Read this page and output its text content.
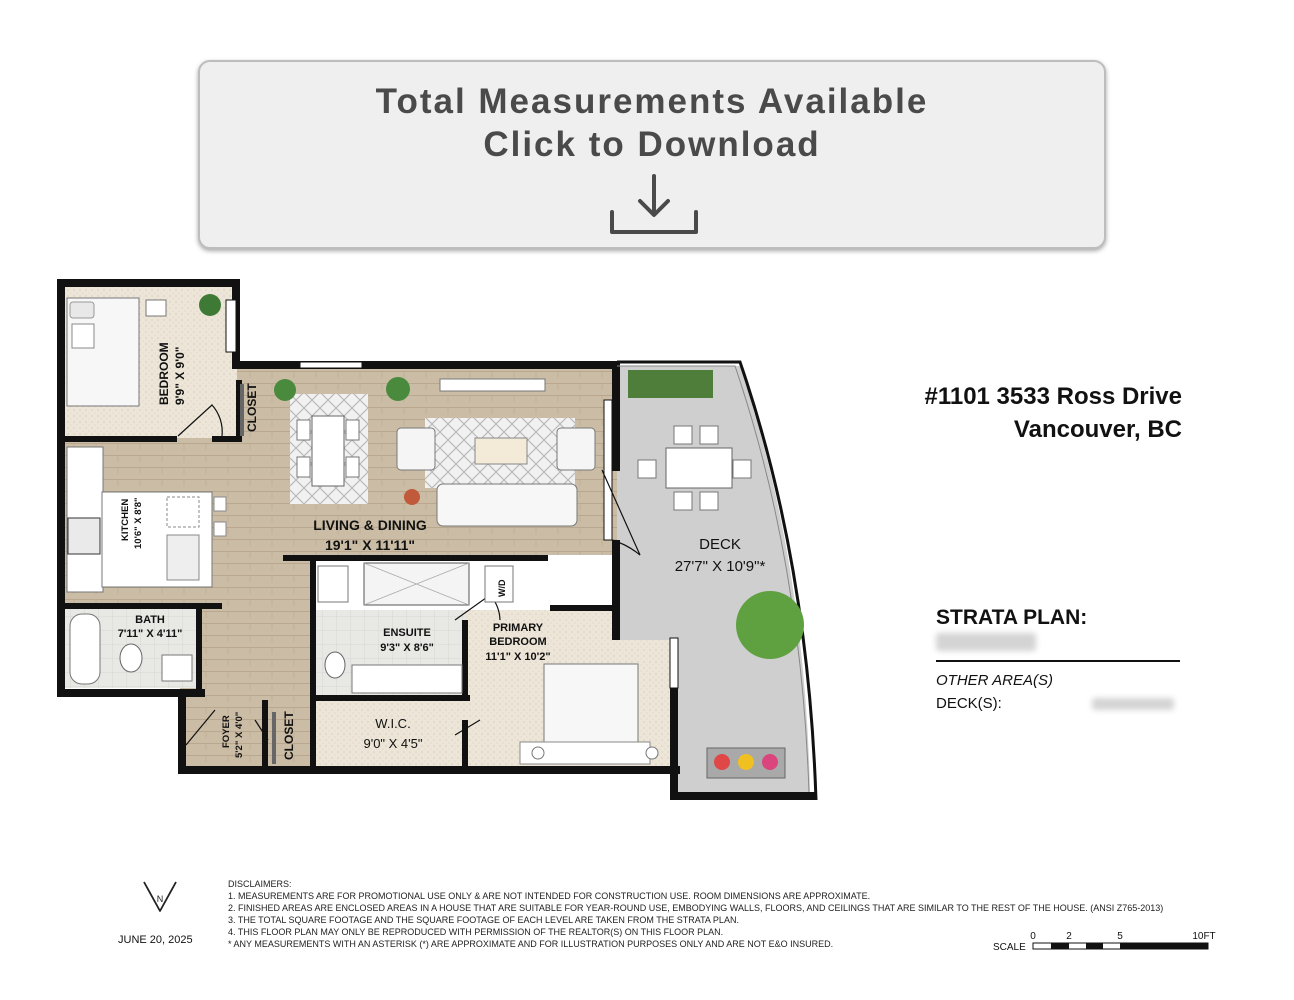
Total Measurements Available
Click to Download
BEDROOM 9'9" X 9'0"
CLOSET
KITCHEN 10'6" X 8'8"	LIVING & DINING
19'1" X 11'11"	DECK
27'7" X 10'9"*
BATH
7'11" X 4'11"	ENSUITE
9'3" X 8'6"
PRIMARY
BEDROOM
11'1" X 10'2"
W.I.C.
9'0" X 4'5"
FOYER 5'2" X 4'0"	CLOSET
W/D
#1101 3533 Ross Drive
Vancouver, BC
STRATA PLAN:
OTHER AREA(S)
DECK(S):
N
JUNE 20, 2025
DISCLAIMERS:
1. MEASUREMENTS ARE FOR PROMOTIONAL USE ONLY & ARE NOT INTENDED FOR CONSTRUCTION USE. ROOM DIMENSIONS ARE APPROXIMATE.
2. FINISHED AREAS ARE ENCLOSED AREAS IN A HOUSE THAT ARE SUITABLE FOR YEAR-ROUND USE, EMBODYING WALLS, FLOORS, AND CEILINGS THAT ARE SIMILAR TO THE REST OF THE HOUSE. (ANSI Z765-2013)
3. THE TOTAL SQUARE FOOTAGE AND THE SQUARE FOOTAGE OF EACH LEVEL ARE TAKEN FROM THE STRATA PLAN.
4. THIS FLOOR PLAN MAY ONLY BE REPRODUCED WITH PERMISSION OF THE REALTOR(S) ON THIS FLOOR PLAN.
* ANY MEASUREMENTS WITH AN ASTERISK (*) ARE APPROXIMATE AND FOR ILLUSTRATION PURPOSES ONLY AND ARE NOT E&O INSURED.	SCALE
0	2	5	10FT
